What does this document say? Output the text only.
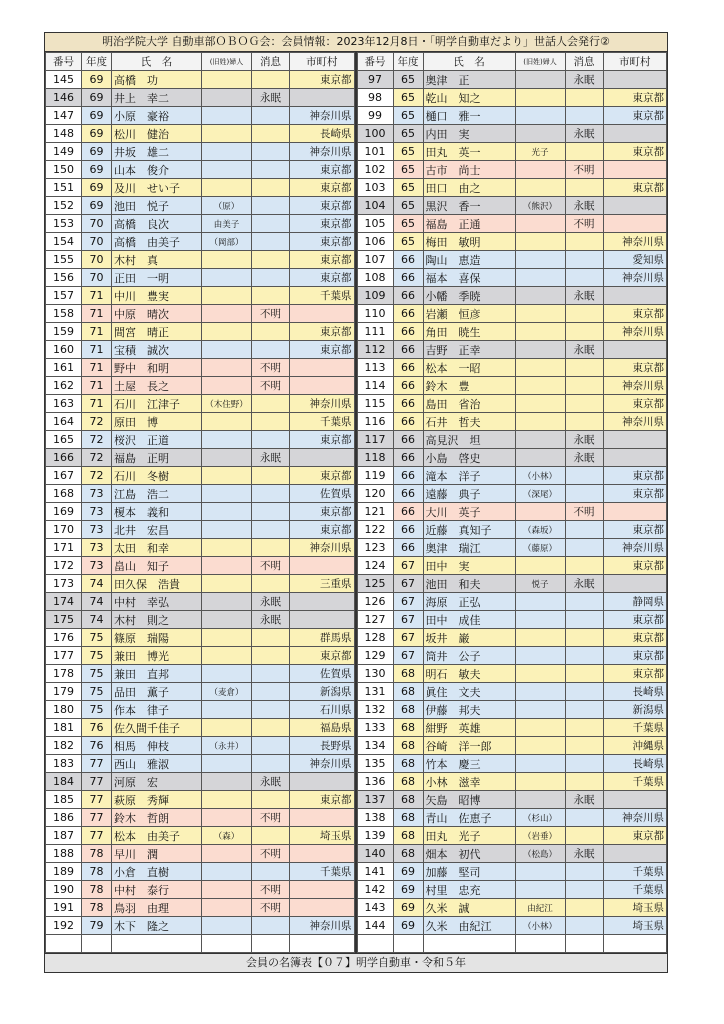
明治学院大学 自動車部ＯＢＯＧ会：会員情報：2023年12月8日・「明学自動車だより」世話人会発行②
番号	年度	氏　名	(旧姓)婦人	消息	市町村
145	69	高橋　功			東京都
146	69	井上　幸二		永眠	
147	69	小原　豪裕			神奈川県
148	69	松川　健治			長崎県
149	69	井坂　雄二			神奈川県
150	69	山本　俊介			東京都
151	69	及川　せい子			東京都
152	69	池田　悦子	（原）		東京都
153	70	高橋　良次	由美子		東京都
154	70	高橋　由美子	（岡部）		東京都
155	70	木村　真			東京都
156	70	正田　一明			東京都
157	71	中川　豊実			千葉県
158	71	中原　晴次		不明	
159	71	間宮　晴正			東京都
160	71	宝積　誠次			東京都
161	71	野中　和明		不明	
162	71	土屋　長之		不明	
163	71	石川　江津子	（木住野）		神奈川県
164	72	原田　博			千葉県
165	72	桜沢　正道			東京都
166	72	福島　正明		永眠	
167	72	石川　冬樹			東京都
168	73	江島　浩二			佐賀県
169	73	榎本　義和			東京都
170	73	北井　宏昌			東京都
171	73	太田　和幸			神奈川県
172	73	畠山　知子		不明	
173	74	田久保　浩貴			三重県
174	74	中村　幸弘		永眠	
175	74	木村　則之		永眠	
176	75	篠原　瑞陽			群馬県
177	75	兼田　博光			東京都
178	75	兼田　直邦			佐賀県
179	75	品田　薫子	（麦倉）		新潟県
180	75	作本　律子			石川県
181	76	佐久間千佳子			福島県
182	76	相馬　伸枝	（永井）		長野県
183	77	西山　雅淑			神奈川県
184	77	河原　宏		永眠	
185	77	萩原　秀輝			東京都
186	77	鈴木　哲朗		不明	
187	77	松本　由美子	（森）		埼玉県
188	78	早川　潤		不明	
189	78	小倉　直樹			千葉県
190	78	中村　泰行		不明	
191	78	鳥羽　由理		不明	
192	79	木下　隆之			神奈川県

番号	年度	氏　名	(旧姓)婦人	消息	市町村
97	65	奥津　正		永眠	
98	65	乾山　知之			東京都
99	65	樋口　雅一			東京都
100	65	内田　実		永眠	
101	65	田丸　英一	光子		東京都
102	65	古市　尚士		不明	
103	65	田口　由之			東京都
104	65	黒沢　香一	（熊沢）	永眠	
105	65	福島　正通		不明	
106	65	梅田　敏明			神奈川県
107	66	陶山　恵造			愛知県
108	66	福本　喜保			神奈川県
109	66	小幡　季暁		永眠	
110	66	岩瀬　恒彦			東京都
111	66	角田　暁生			神奈川県
112	66	吉野　正幸		永眠	
113	66	松本　一昭			東京都
114	66	鈴木　豊			神奈川県
115	66	島田　省治			東京都
116	66	石井　哲夫			神奈川県
117	66	高見沢　坦		永眠	
118	66	小島　啓史		永眠	
119	66	滝本　洋子	（小林）		東京都
120	66	遠藤　典子	（深尾）		東京都
121	66	大川　英子		不明	
122	66	近藤　真知子	（森坂）		東京都
123	66	奥津　瑞江	（藤原）		神奈川県
124	67	田中　実			東京都
125	67	池田　和夫	悦子	永眠	
126	67	海原　正弘			静岡県
127	67	田中　成佳			東京都
128	67	坂井　巌			東京都
129	67	筒井　公子			東京都
130	68	明石　敏夫			東京都
131	68	眞住　文夫			長崎県
132	68	伊藤　邦夫			新潟県
133	68	紺野　英雄			千葉県
134	68	谷崎　洋一郎			沖縄県
135	68	竹本　慶三			長崎県
136	68	小林　滋幸			千葉県
137	68	矢島　昭博		永眠	
138	68	青山　佐恵子	（杉山）		神奈川県
139	68	田丸　光子	（岩垂）		東京都
140	68	畑本　初代	（松島）	永眠	
141	69	加藤　堅司			千葉県
142	69	村里　忠充			千葉県
143	69	久米　誠	由紀江		埼玉県
144	69	久米　由紀江	（小林）		埼玉県

会員の名簿表【０７】明学自動車・令和５年
